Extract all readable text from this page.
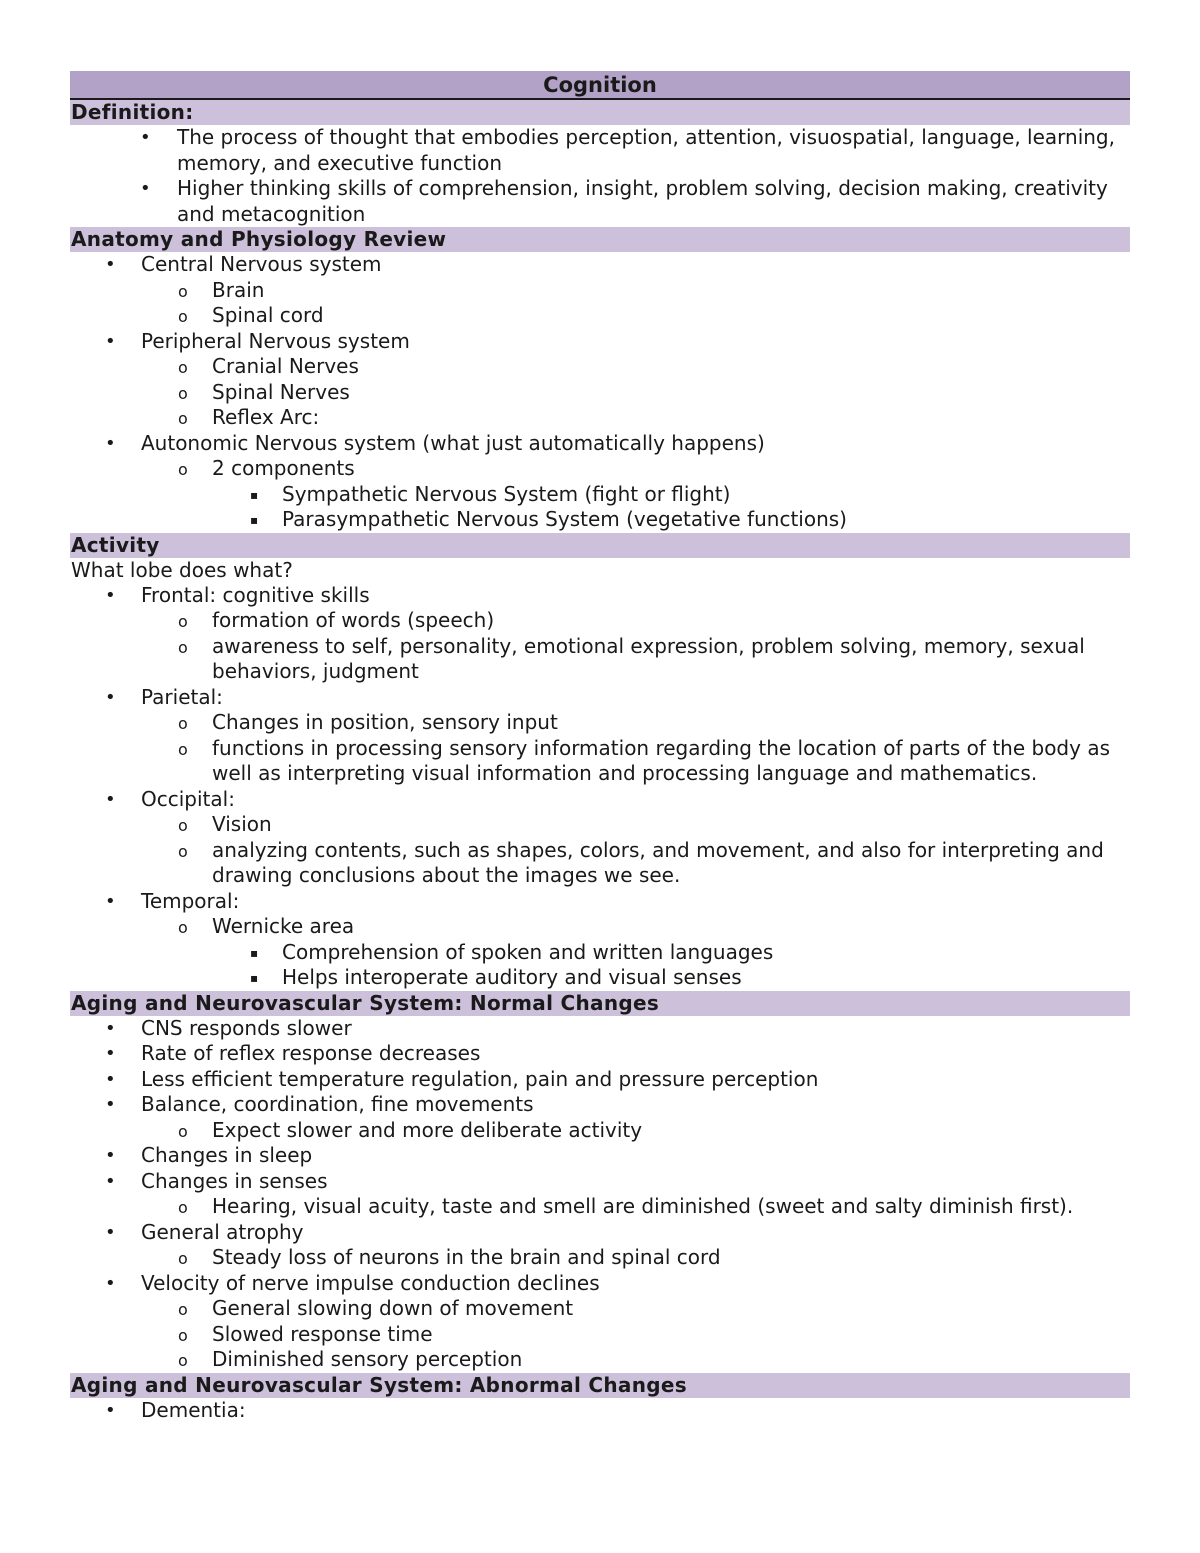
Cognition
Definition:
• The process of thought that embodies perception, attention, visuospatial, language, learning, memory, and executive function
• Higher thinking skills of comprehension, insight, problem solving, decision making, creativity and metacognition
Anatomy and Physiology Review
• Central Nervous system
o Brain
o Spinal cord
• Peripheral Nervous system
o Cranial Nerves
o Spinal Nerves
o Reflex Arc:
• Autonomic Nervous system (what just automatically happens)
o 2 components
▪ Sympathetic Nervous System (fight or flight)
▪ Parasympathetic Nervous System (vegetative functions)
Activity
What lobe does what?
• Frontal: cognitive skills
o formation of words (speech)
o awareness to self, personality, emotional expression, problem solving, memory, sexual behaviors, judgment
• Parietal:
o Changes in position, sensory input
o functions in processing sensory information regarding the location of parts of the body as well as interpreting visual information and processing language and mathematics.
• Occipital:
o Vision
o analyzing contents, such as shapes, colors, and movement, and also for interpreting and drawing conclusions about the images we see.
• Temporal:
o Wernicke area
▪ Comprehension of spoken and written languages
▪ Helps interoperate auditory and visual senses
Aging and Neurovascular System: Normal Changes
• CNS responds slower
• Rate of reflex response decreases
• Less efficient temperature regulation, pain and pressure perception
• Balance, coordination, fine movements
o Expect slower and more deliberate activity
• Changes in sleep
• Changes in senses
o Hearing, visual acuity, taste and smell are diminished (sweet and salty diminish first).
• General atrophy
o Steady loss of neurons in the brain and spinal cord
• Velocity of nerve impulse conduction declines
o General slowing down of movement
o Slowed response time
o Diminished sensory perception
Aging and Neurovascular System: Abnormal Changes
• Dementia:
